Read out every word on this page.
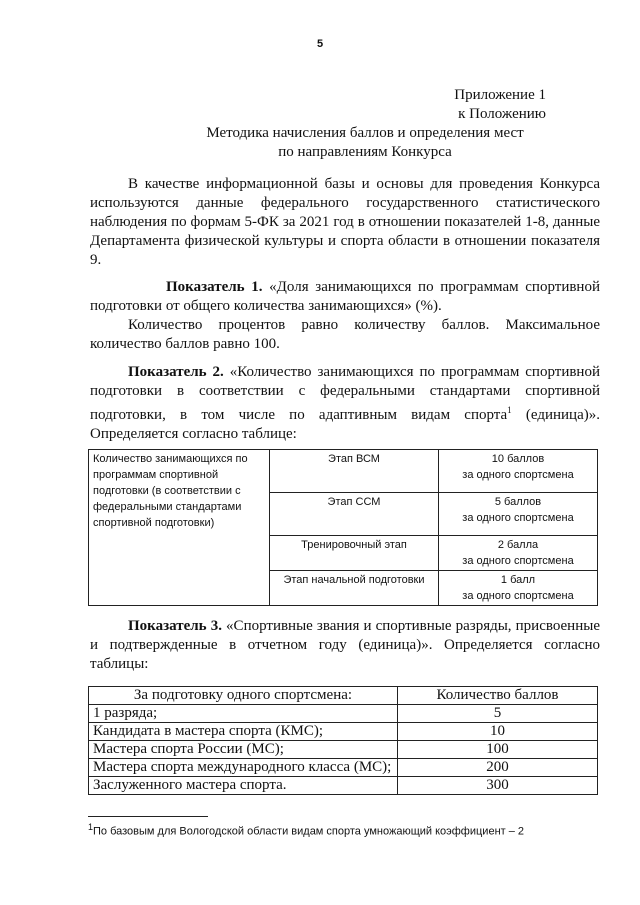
5
Приложение 1
к Положению
Методика начисления баллов и определения мест
по направлениям Конкурса
В качестве информационной базы и основы для проведения Конкурса используются данные федерального государственного статистического наблюдения по формам 5-ФК за 2021 год в отношении показателей 1-8, данные Департамента физической культуры и спорта области в отношении показателя 9.
Показатель 1. «Доля занимающихся по программам спортивной подготовки от общего количества занимающихся» (%).
Количество процентов равно количеству баллов. Максимальное количество баллов равно 100.
Показатель 2. «Количество занимающихся по программам спортивной подготовки в соответствии с федеральными стандартами спортивной подготовки, в том числе по адаптивным видам спорта$^1$ (единица)». Определяется согласно таблице:
Количество занимающихся по программам спортивной подготовки (в соответствии с федеральными стандартами спортивной подготовки)	Этап ВСМ	10 баллов
за одного спортсмена

	Этап ССМ	5 баллов
за одного спортсмена

	Тренировочный этап	2 балла
за одного спортсмена

	Этап начальной подготовки	1 балл
за одного спортсмена
Показатель 3. «Спортивные звания и спортивные разряды, присвоенные и подтвержденные в отчетном году (единица)». Определяется согласно таблицы:
За подготовку одного спортсмена:	Количество баллов
1 разряда;	5
Кандидата в мастера спорта (КМС);	10
Мастера спорта России (МС);	100
Мастера спорта международного класса (МС);	200
Заслуженного мастера спорта.	300
$^1$По базовым для Вологодской области видам спорта умножающий коэффициент – 2
